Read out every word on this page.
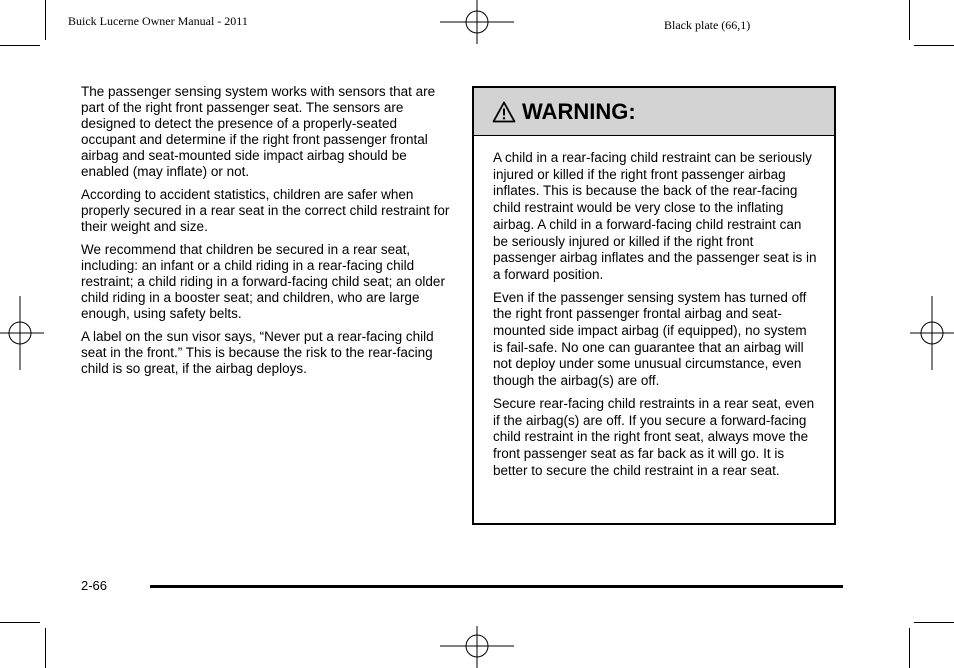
Buick Lucerne Owner Manual - 2011	Black plate (66,1)

The passenger sensing system works with sensors that are part of the right front passenger seat. The sensors are designed to detect the presence of a properly-seated occupant and determine if the right front passenger frontal airbag and seat-mounted side impact airbag should be enabled (may inflate) or not.

According to accident statistics, children are safer when properly secured in a rear seat in the correct child restraint for their weight and size.

We recommend that children be secured in a rear seat, including: an infant or a child riding in a rear-facing child restraint; a child riding in a forward-facing child seat; an older child riding in a booster seat; and children, who are large enough, using safety belts.

A label on the sun visor says, “Never put a rear-facing child seat in the front.” This is because the risk to the rear-facing child is so great, if the airbag deploys.

WARNING:

A child in a rear-facing child restraint can be seriously injured or killed if the right front passenger airbag inflates. This is because the back of the rear-facing child restraint would be very close to the inflating airbag. A child in a forward-facing child restraint can be seriously injured or killed if the right front passenger airbag inflates and the passenger seat is in a forward position.

Even if the passenger sensing system has turned off the right front passenger frontal airbag and seat-mounted side impact airbag (if equipped), no system is fail-safe. No one can guarantee that an airbag will not deploy under some unusual circumstance, even though the airbag(s) are off.

Secure rear-facing child restraints in a rear seat, even if the airbag(s) are off. If you secure a forward-facing child restraint in the right front seat, always move the front passenger seat as far back as it will go. It is better to secure the child restraint in a rear seat.

2-66
